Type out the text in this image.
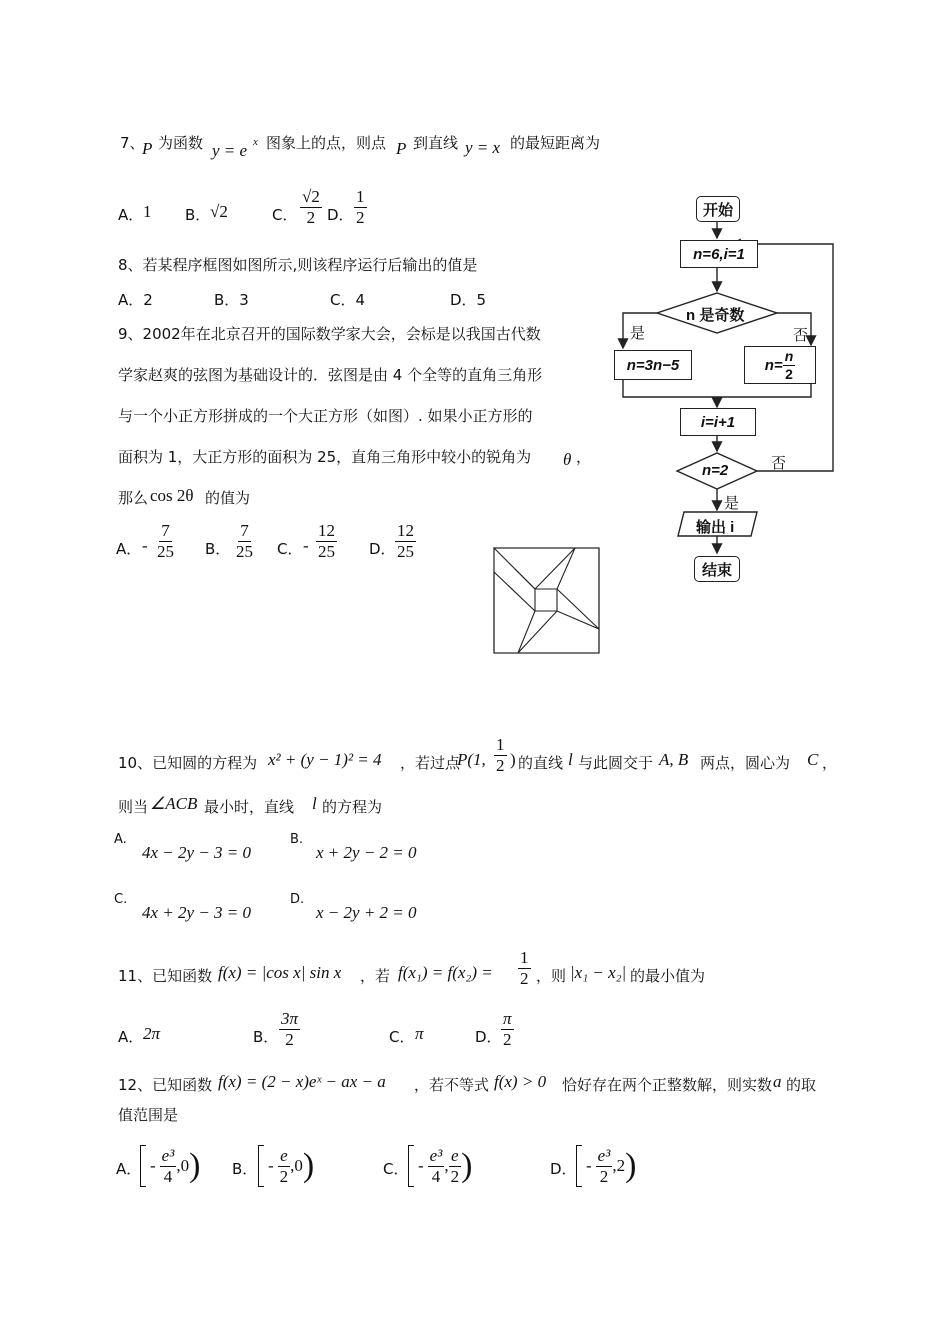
7、
P 为函数 y = e x 图象上的点，则点 P 到直线 y = x 的最短距离为
A． 1 B． √2	C． $\frac{√2}{2}$ D． $\frac{1}{2}$
8、若某程序框图如图所示,则该程序运行后输出的值是
A．2	B．3	C．4	D．5
9、2002年在北京召开的国际数学家大会，会标是以我国古代数
学家赵爽的弦图为基础设计的．弦图是由 4 个全等的直角三角形
与一个小正方形拼成的一个大正方形（如图）. 如果小正方形的
面积为 1，大正方形的面积为 25，直角三角形中较小的锐角为 θ ，
那么 cos 2θ 的值为
A． - $\frac{7}{25}$ B． $\frac{7}{25}$ C． - $\frac{12}{25}$ D． $\frac{12}{25}$
开始
n=6,i=1
n 是奇数
是	否
n=3n−5	$n= \frac{n}{2}$
i=i+1
n=2	否
是
输出 i
结束
10、已知圆的方程为 x² + (y − 1)² = 4 ，若过点
P(1, $\frac{1}{2}$ ) 的直线 l 与此圆交于 A, B 两点，圆心为 C ，
则当 ∠ACB 最小时，直线 l 的方程为
A.
4x − 2y − 3 = 0
B.
x + 2y − 2 = 0
C.
4x + 2y − 3 = 0
D.
x − 2y + 2 = 0
11、已知函数 f(x) = |cos x| sin x ，若 $f(x_1) = f(x_2) = \frac{1}{2}$ ，则 |x₁ − x₂| 的最小值为
A． 2π	B． $\frac{3\pi}{2}$	C． π	D． $\frac{\pi}{2}$
12、已知函数 f(x) = (2 − x)eˣ − ax − a ，若不等式 f(x) > 0 恰好存在两个正整数解，则实数 a 的取
值范围是
A． - $\frac{\text{e³}}{4} ,0$ ) B． - $\frac{e}{2} ,0$ )	C． - $\frac{\text{e³}}{4}$ , $\frac{e}{2}$ )	D． - $\frac{\text{e³}}{2} ,2$ )
